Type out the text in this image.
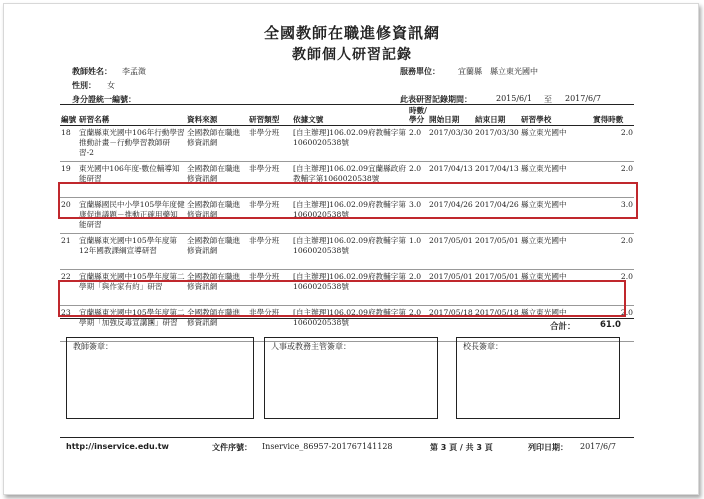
全國教師在職進修資訊網
教師個人研習記錄
教師姓名： 李孟澂
性別： 女
身分證統一編號：
服務單位： 宜蘭縣 縣立東光國中
此表研習記錄期間：	2015/6/1 至 2017/6/7
編號	研習名稱	資料來源	研習類型	依據文號	時數/學分	開始日期	結束日期	研習學校	實得時數
18	宜蘭縣東光國中106年行動學習推動計畫－行動學習教師研習-2	全國教師在職進修資訊網	非學分班	[自主辦理]106.02.09府教輔字第1060020538號	2.0	2017/03/30	2017/03/30	縣立東光國中	2.0
19	東光國中106年度-數位輔導知能研習	全國教師在職進修資訊網	非學分班	[自主辦理]106.02.09宜蘭縣政府教輔字第1060020538號	2.0	2017/04/13	2017/04/13	縣立東光國中	2.0
20	宜蘭縣國民中小學105學年度健康促進議題－推動正確用藥知能研習	全國教師在職進修資訊網	非學分班	[自主辦理]106.02.09府教輔字第1060020538號	3.0	2017/04/26	2017/04/26	縣立東光國中	3.0
21	宜蘭縣東光國中105學年度第12年國教課綱宣導研習	全國教師在職進修資訊網	非學分班	[自主辦理]106.02.09府教輔字第1060020538號	1.0	2017/05/01	2017/05/01	縣立東光國中	2.0
22	宜蘭縣東光國中105學年度第二學期「與作家有約」研習	全國教師在職進修資訊網	非學分班	[自主辦理]106.02.09府教輔字第1060020538號	2.0	2017/05/01	2017/05/01	縣立東光國中	2.0
23	宜蘭縣東光國中105學年度第二學期「加強反毒宣講團」研習	全國教師在職進修資訊網	非學分班	[自主辦理]106.02.09府教輔字第1060020538號	2.0	2017/05/18	2017/05/18	縣立東光國中	2.0
合計：	61.0
教師簽章：	人事或教務主管簽章：	校長簽章：
http://inservice.edu.tw	文件序號： Inservice_86957-201767141128	第 3 頁 / 共 3 頁	列印日期： 2017/6/7
